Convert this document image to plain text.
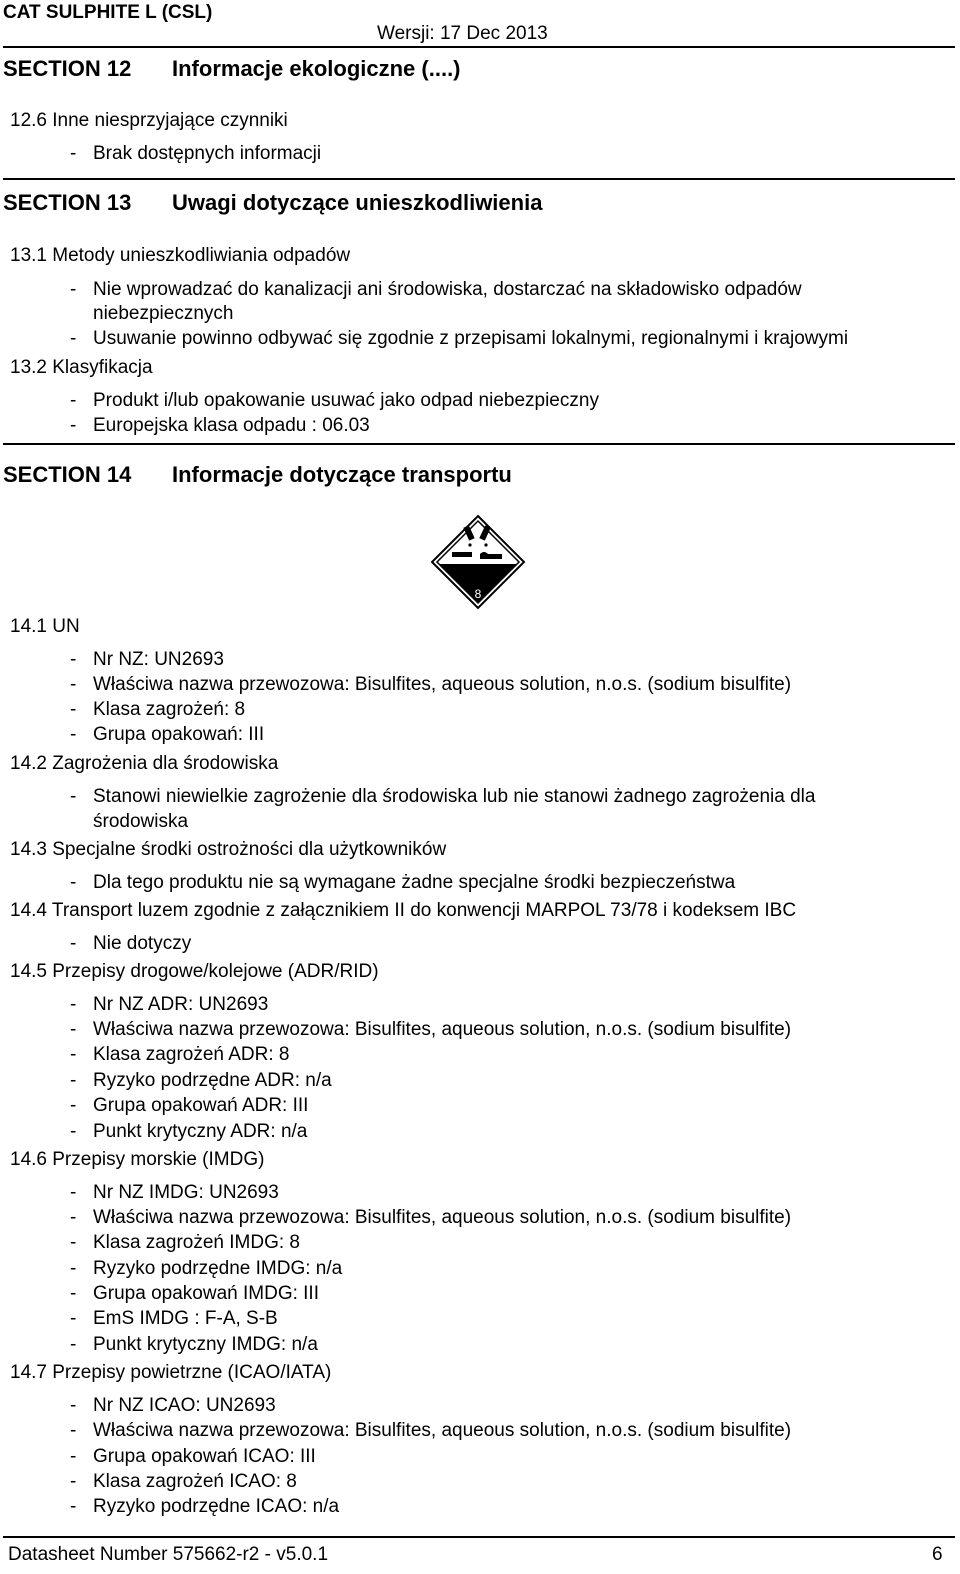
CAT SULPHITE L (CSL)
Wersji: 17 Dec 2013
SECTION 12 Informacje ekologiczne (....)
12.6 Inne niesprzyjające czynniki
- Brak dostępnych informacji
SECTION 13 Uwagi dotyczące unieszkodliwienia
13.1 Metody unieszkodliwiania odpadów
- Nie wprowadzać do kanalizacji ani środowiska, dostarczać na składowisko odpadów
niebezpiecznych
- Usuwanie powinno odbywać się zgodnie z przepisami lokalnymi, regionalnymi i krajowymi
13.2 Klasyfikacja
- Produkt i/lub opakowanie usuwać jako odpad niebezpieczny
- Europejska klasa odpadu : 06.03
SECTION 14 Informacje dotyczące transportu
8
14.1 UN
- Nr NZ: UN2693
- Właściwa nazwa przewozowa: Bisulfites, aqueous solution, n.o.s. (sodium bisulfite)
- Klasa zagrożeń: 8
- Grupa opakowań: III
14.2 Zagrożenia dla środowiska
- Stanowi niewielkie zagrożenie dla środowiska lub nie stanowi żadnego zagrożenia dla
środowiska
14.3 Specjalne środki ostrożności dla użytkowników
- Dla tego produktu nie są wymagane żadne specjalne środki bezpieczeństwa
14.4 Transport luzem zgodnie z załącznikiem II do konwencji MARPOL 73/78 i kodeksem IBC
- Nie dotyczy
14.5 Przepisy drogowe/kolejowe (ADR/RID)
- Nr NZ ADR: UN2693
- Właściwa nazwa przewozowa: Bisulfites, aqueous solution, n.o.s. (sodium bisulfite)
- Klasa zagrożeń ADR: 8
- Ryzyko podrzędne ADR: n/a
- Grupa opakowań ADR: III
- Punkt krytyczny ADR: n/a
14.6 Przepisy morskie (IMDG)
- Nr NZ IMDG: UN2693
- Właściwa nazwa przewozowa: Bisulfites, aqueous solution, n.o.s. (sodium bisulfite)
- Klasa zagrożeń IMDG: 8
- Ryzyko podrzędne IMDG: n/a
- Grupa opakowań IMDG: III
- EmS IMDG : F-A, S-B
- Punkt krytyczny IMDG: n/a
14.7 Przepisy powietrzne (ICAO/IATA)
- Nr NZ ICAO: UN2693
- Właściwa nazwa przewozowa: Bisulfites, aqueous solution, n.o.s. (sodium bisulfite)
- Grupa opakowań ICAO: III
- Klasa zagrożeń ICAO: 8
- Ryzyko podrzędne ICAO: n/a
Datasheet Number 575662-r2 - v5.0.1	6
